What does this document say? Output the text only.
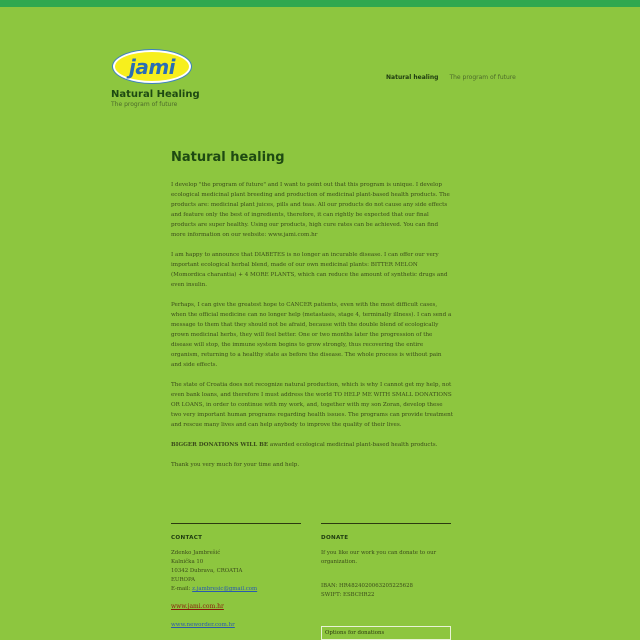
jami
Natural Healing
The program of future
Natural healing The program of future
Natural healing

I develop "the program of future" and I want to point out that this program is unique. I develop ecological medicinal plant breeding and production of medicinal plant-based health products. The products are: medicinal plant juices, pills and teas. All our products do not cause any side effects and feature only the best of ingredients, therefore, it can rightly be expected that our final products are super healthy. Using our products, high cure rates can be achieved. You can find more information on our website: www.jami.com.hr

I am happy to announce that DIABETES is no longer an incurable disease. I can offer our very important ecological herbal blend, made of our own medicinal plants: BITTER MELON (Momordica charantia) + 4 MORE PLANTS, which can reduce the amount of synthetic drugs and even insulin.

Perhaps, I can give the greatest hope to CANCER patients, even with the most difficult cases, when the official medicine can no longer help (metastasis, stage 4, terminally illness). I can send a message to them that they should not be afraid, because with the double blend of ecologically grown medicinal herbs, they will feel better. One or two months later the progression of the disease will stop, the immune system begins to grow strongly, thus recovering the entire organism, returning to a healthy state as before the disease. The whole process is without pain and side effects.

The state of Croatia does not recognize natural production, which is why I cannot get my help, not even bank loans, and therefore I must address the world TO HELP ME WITH SMALL DONATIONS OR LOANS, in order to continue with my work, and, together with my son Zoran, develop these two very important human programs regarding health issues. The programs can provide treatment and rescue many lives and can help anybody to improve the quality of their lives.

BIGGER DONATIONS WILL BE awarded ecological medicinal plant-based health products.

Thank you very much for your time and help.

CONTACT
Zdenko Jambrešić
Kalnička 10
10342 Dubrava, CROATIA
EUROPA
E-mail: z.jambresic@gmail.com
www.jami.com.hr
www.neworder.com.hr
DONATE
If you like our work you can donate to our organization.
IBAN: HR4824020063205225628
SWIFT: ESBCHR22
Options for donations
